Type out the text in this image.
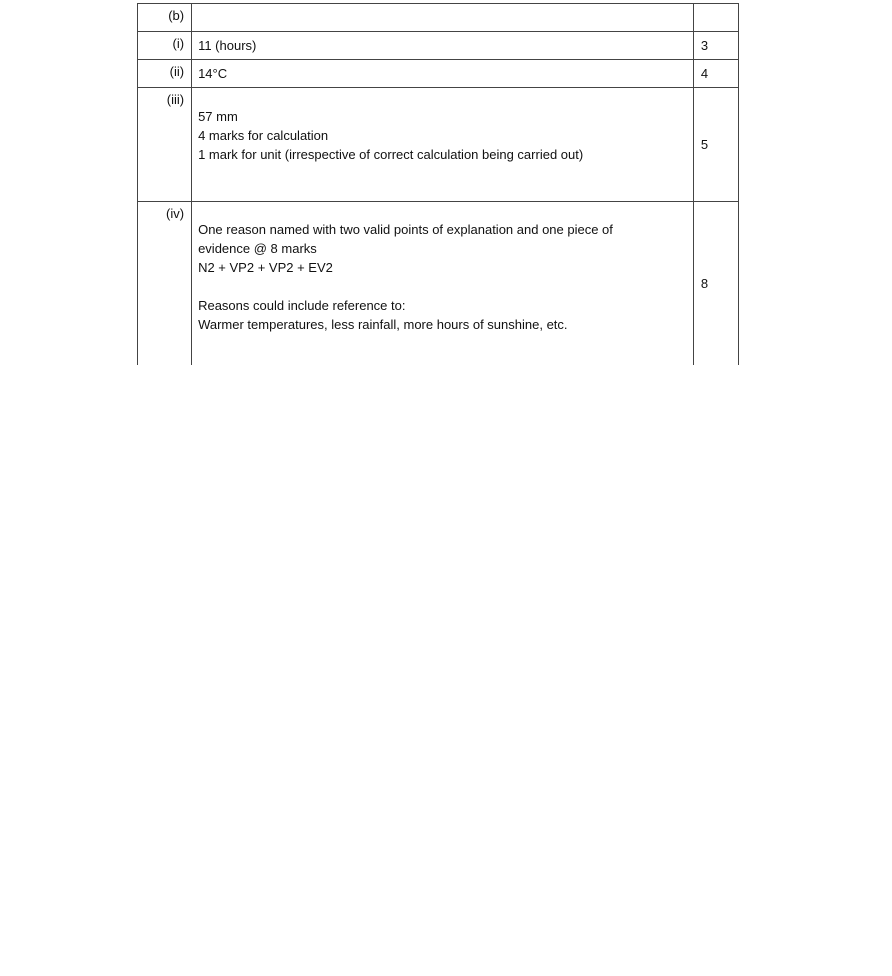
(b)		
(i)	11 (hours)	3
(ii)	14°C	4
(iii)	57 mm
4 marks for calculation
1 mark for unit (irrespective of correct calculation being carried out)	5
(iv)	One reason named with two valid points of explanation and one piece of
evidence @ 8 marks
N2 + VP2 + VP2 + EV2
Reasons could include reference to:
Warmer temperatures, less rainfall, more hours of sunshine, etc.	8
